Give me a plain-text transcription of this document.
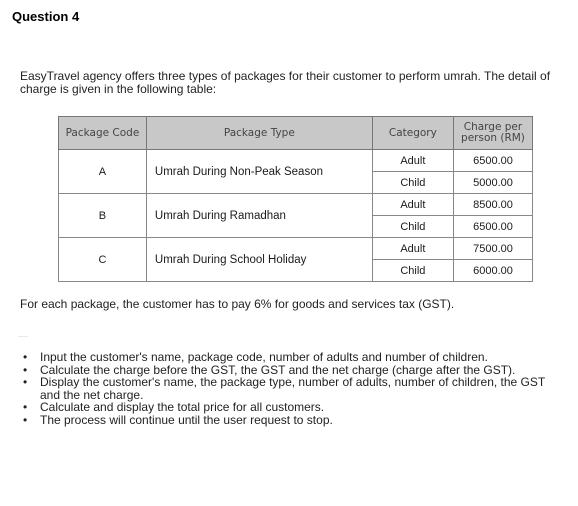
Question 4
EasyTravel agency offers three types of packages for their customer to perform umrah. The detail of charge is given in the following table:
Package Code	Package Type	Category	Charge per person (RM)
A	Umrah During Non-Peak Season	Adult	6500.00
		Child	5000.00
B	Umrah During Ramadhan	Adult	8500.00
		Child	6500.00
C	Umrah During School Holiday	Adult	7500.00
		Child	6000.00
For each package, the customer has to pay 6% for goods and services tax (GST).
• Input the customer's name, package code, number of adults and number of children.
• Calculate the charge before the GST, the GST and the net charge (charge after the GST).
• Display the customer's name, the package type, number of adults, number of children, the GST and the net charge.
• Calculate and display the total price for all customers.
• The process will continue until the user request to stop.
